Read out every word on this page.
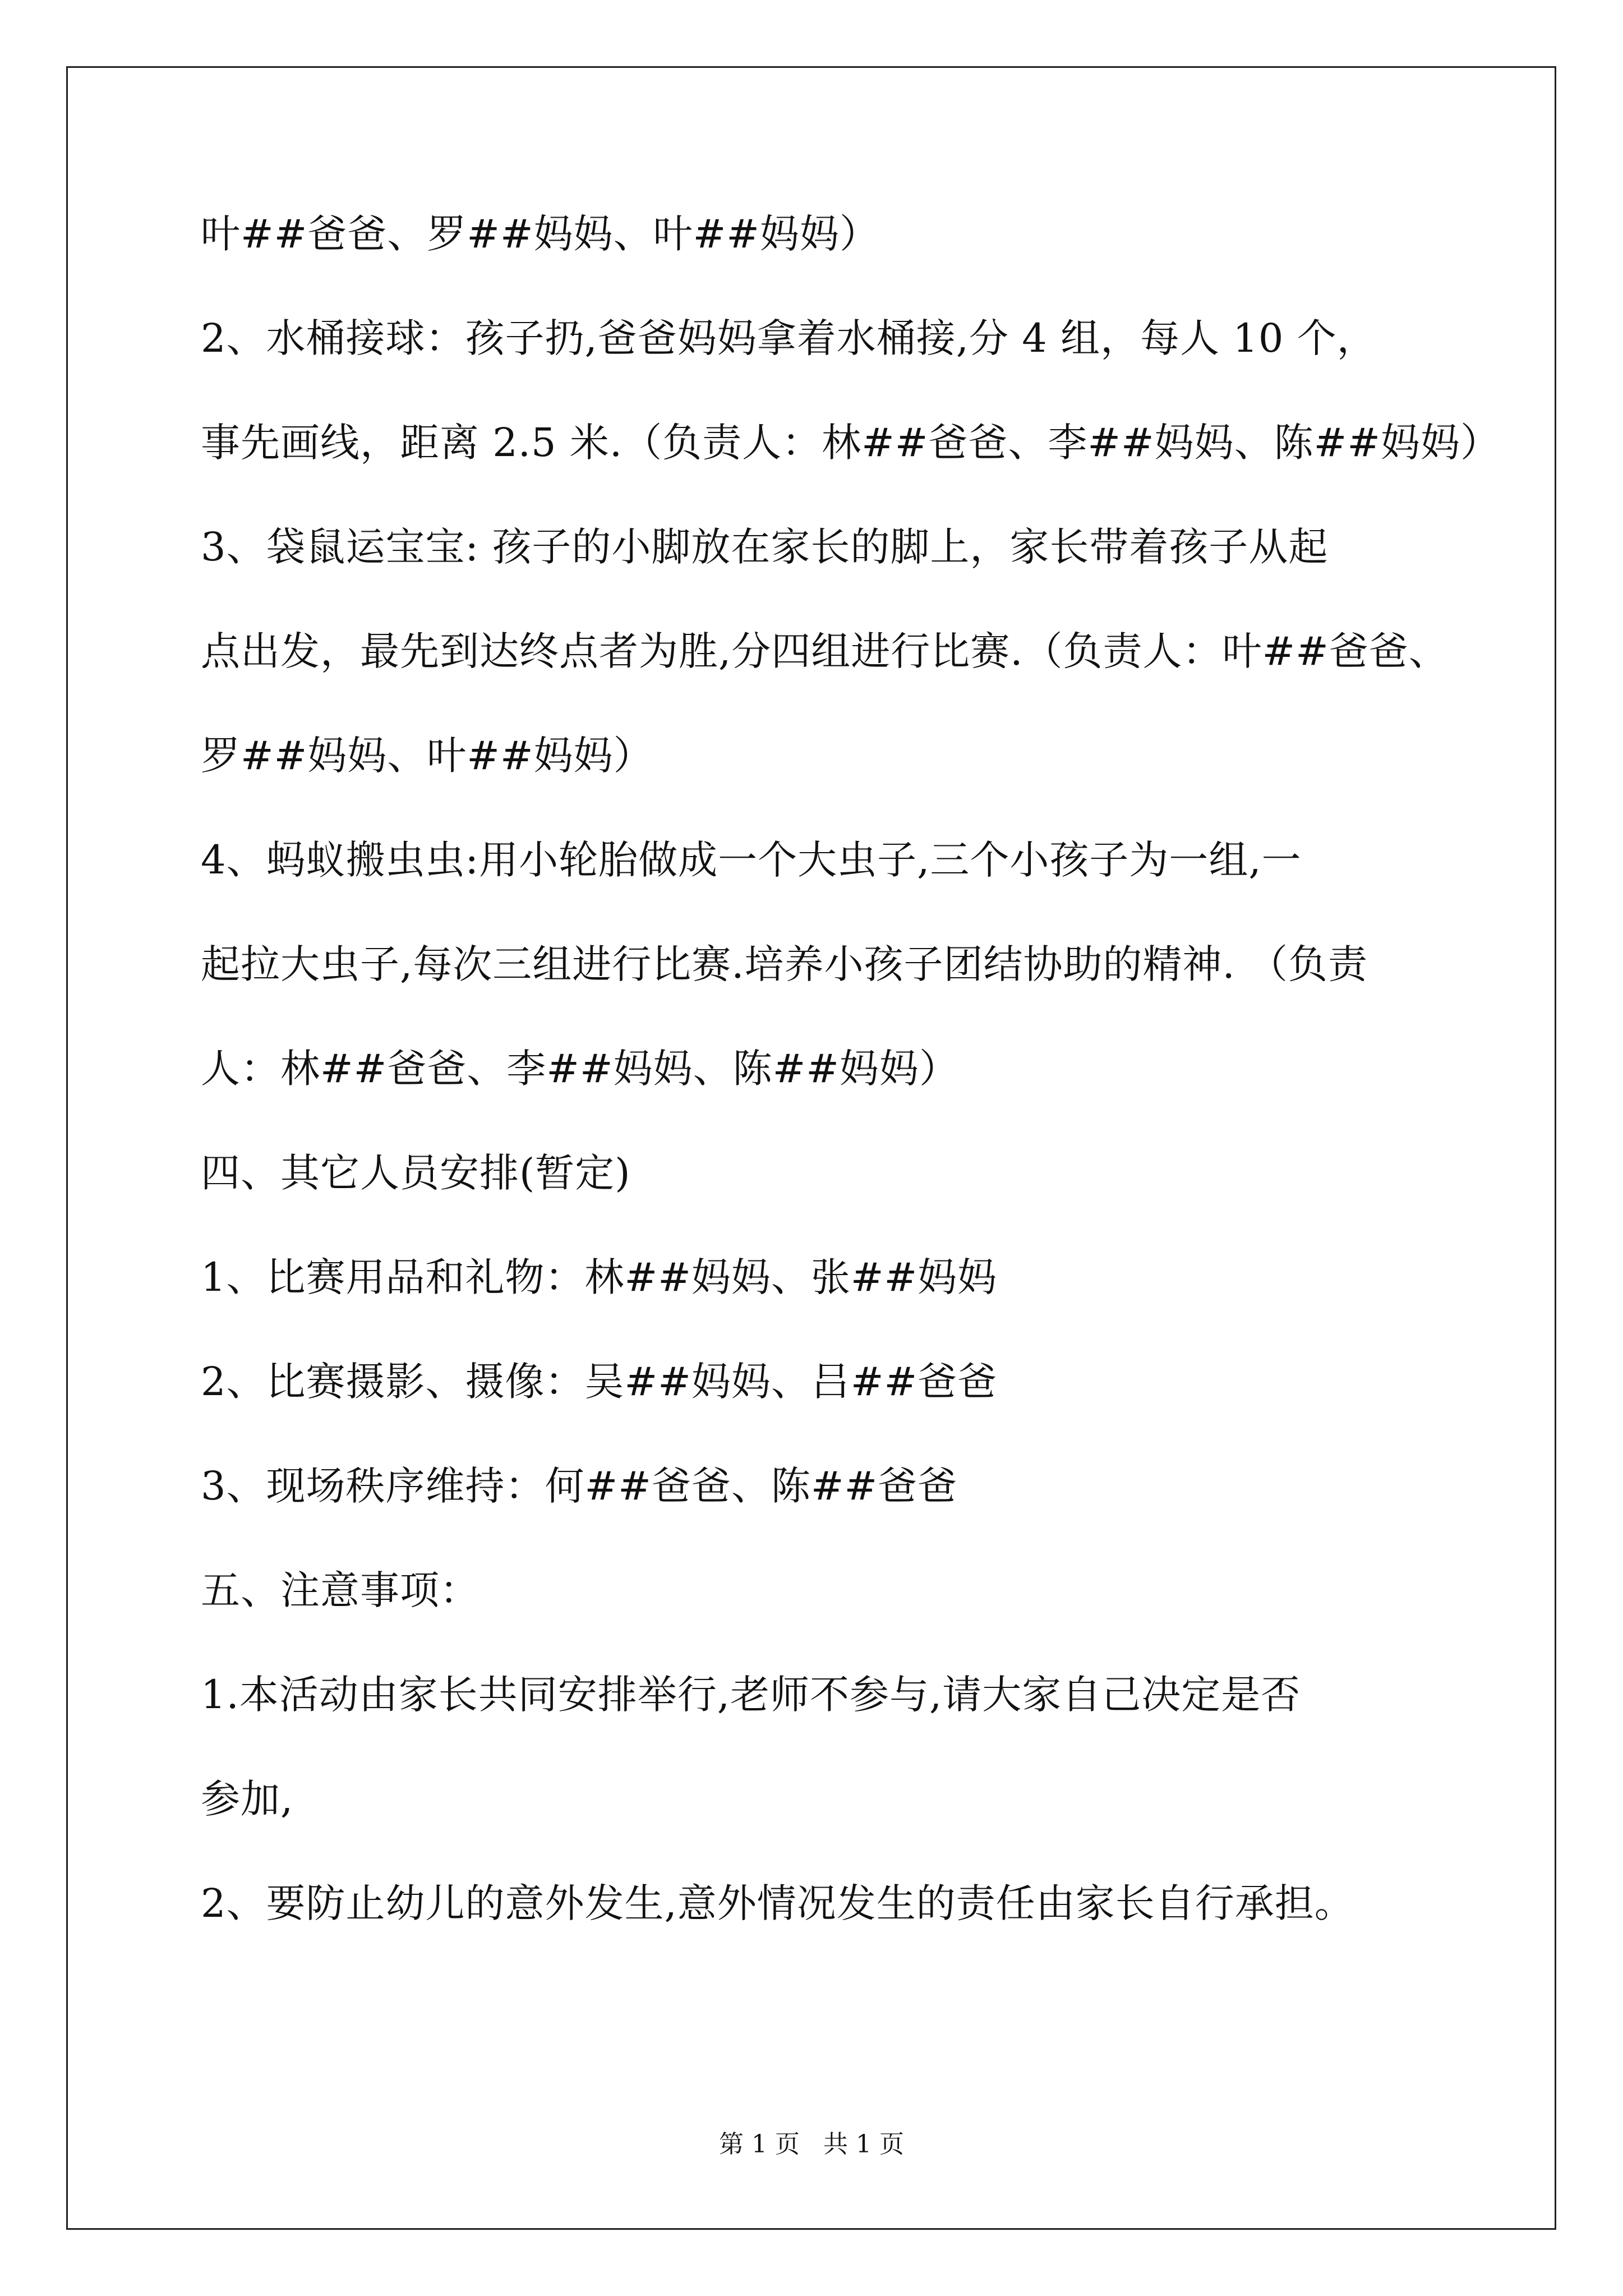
叶##爸爸、罗##妈妈、叶##妈妈）
2、水桶接球：孩子扔,爸爸妈妈拿着水桶接,分 4 组，每人 10 个，
事先画线，距离 2.5 米.（负责人：林##爸爸、李##妈妈、陈##妈妈）
3、袋鼠运宝宝: 孩子的小脚放在家长的脚上，家长带着孩子从起
点出发，最先到达终点者为胜,分四组进行比赛.（负责人：叶##爸爸、
罗##妈妈、叶##妈妈）
4、蚂蚁搬虫虫:用小轮胎做成一个大虫子,三个小孩子为一组,一
起拉大虫子,每次三组进行比赛.培养小孩子团结协助的精神. （负责
人：林##爸爸、李##妈妈、陈##妈妈）
四、其它人员安排(暂定)
1、比赛用品和礼物：林##妈妈、张##妈妈
2、比赛摄影、摄像：吴##妈妈、吕##爸爸
3、现场秩序维持：何##爸爸、陈##爸爸
五、注意事项：
1.本活动由家长共同安排举行,老师不参与,请大家自己决定是否
参加,
2、要防止幼儿的意外发生,意外情况发生的责任由家长自行承担。
第 1 页   共 1 页
